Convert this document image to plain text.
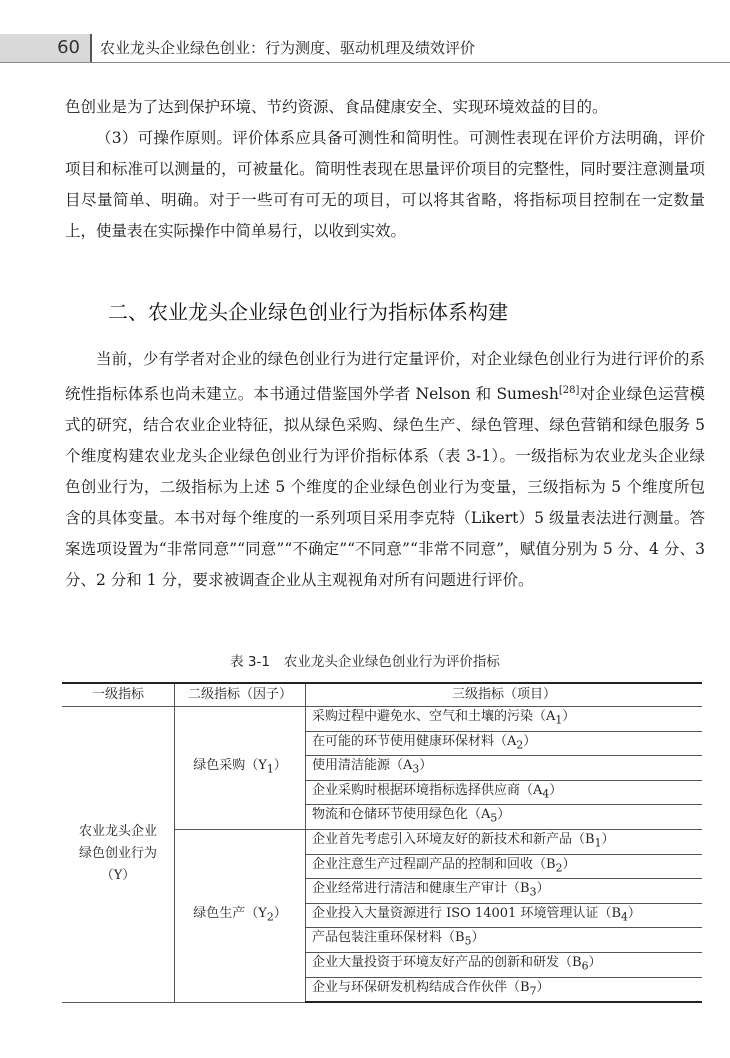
60	农业龙头企业绿色创业：行为测度、驱动机理及绩效评价

色创业是为了达到保护环境、节约资源、食品健康安全、实现环境效益的目的。

（3）可操作原则。评价体系应具备可测性和简明性。可测性表现在评价方法明确，评价项目和标准可以测量的，可被量化。简明性表现在思量评价项目的完整性，同时要注意测量项目尽量简单、明确。对于一些可有可无的项目，可以将其省略，将指标项目控制在一定数量上，使量表在实际操作中简单易行，以收到实效。

二、农业龙头企业绿色创业行为指标体系构建

当前，少有学者对企业的绿色创业行为进行定量评价，对企业绿色创业行为进行评价的系统性指标体系也尚未建立。本书通过借鉴国外学者 Nelson 和 Sumesh[28]对企业绿色运营模式的研究，结合农业企业特征，拟从绿色采购、绿色生产、绿色管理、绿色营销和绿色服务 5 个维度构建农业龙头企业绿色创业行为评价指标体系（表 3-1）。一级指标为农业龙头企业绿色创业行为，二级指标为上述 5 个维度的企业绿色创业行为变量，三级指标为 5 个维度所包含的具体变量。本书对每个维度的一系列项目采用李克特（Likert）5 级量表法进行测量。答案选项设置为“非常同意”“同意”“不确定”“不同意”“非常不同意”，赋值分别为 5 分、4 分、3 分、2 分和 1 分，要求被调查企业从主观视角对所有问题进行评价。

表 3-1 农业龙头企业绿色创业行为评价指标
一级指标	二级指标（因子）	三级指标（项目）
农业龙头企业
绿色创业行为
（Y）	绿色采购$(Y_1)$	采购过程中避免水、空气和土壤的污染$(A_1)$
		在可能的环节使用健康环保材料$(A_2)$
		使用清洁能源$(A_3)$
		企业采购时根据环境指标选择供应商$(A_4)$
		物流和仓储环节使用绿色化$(A_5)$
	绿色生产$(Y_2)$	企业首先考虑引入环境友好的新技术和新产品$(B_1)$
		企业注意生产过程副产品的控制和回收$(B_2)$
		企业经常进行清洁和健康生产审计$(B_3)$
		企业投入大量资源进行 ISO 14001 环境管理认证$(B_4)$
		产品包装注重环保材料$(B_5)$
		企业大量投资于环境友好产品的创新和研发$(B_6)$
		企业与环保研发机构结成合作伙伴$(B_7)$
